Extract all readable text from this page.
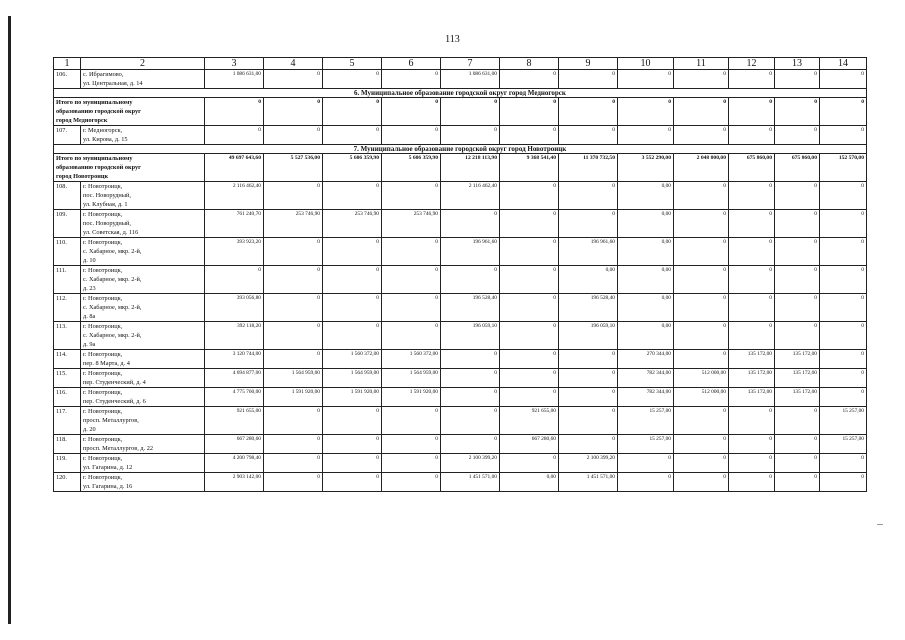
113
1	2	3	4	5	6	7	8	9	10	11	12	13	14
106.	с. Ибрагимово,
ул. Центральная, д. 14	1 086 631,00	0	0	0	1 086 631,00	0	0	0	0	0	0	0
6. Муниципальное образование городской округ город Медногорск													

Итого по муниципальному
образованию городской округ
город Медногорск		0	0	0	0	0	0	0	0	0	0	0	0
107.	г. Медногорск,
ул. Кирова, д. 15	0	0	0	0	0	0	0	0	0	0	0	0
7. Муниципальное образование городской округ город Новотроицк													

Итого по муниципальному
образованию городской округ
город Новотроицк		49 697 643,60	5 527 536,00	5 606 359,90	5 606 359,90	12 218 113,90	9 368 541,40	11 370 732,50	3 552 290,00	2 048 000,00	675 860,00	675 860,00	152 570,00
108.	г. Новотроицк,
пос. Новорудный,
ул. Клубная, д. 1	2 116 462,40	0	0	0	2 116 462,40	0	0	0,00	0	0	0	0
109.	г. Новотроицк,
пос. Новорудный,
ул. Советская, д. 116	761 240,70	253 746,90	253 746,90	253 746,90	0	0	0	0,00	0	0	0	0
110.	г. Новотроицк,
с. Хабарное, мкр. 2-й,
д. 10	393 923,20	0	0	0	196 961,60	0	196 961,60	0,00	0	0	0	0
111.	г. Новотроицк,
с. Хабарное, мкр. 2-й,
д. 23	0	0	0	0	0	0	0,00	0,00	0	0	0	0
112.	г. Новотроицк,
с. Хабарное, мкр. 2-й,
д. 8а	393 056,80	0	0	0	196 528,40	0	196 528,40	0,00	0	0	0	0
113.	г. Новотроицк,
с. Хабарное, мкр. 2-й,
д. 9а	392 118,20	0	0	0	196 059,10	0	196 059,10	0,00	0	0	0	0
114.	г. Новотроицк,
пер. 8 Марта, д. 4	3 120 744,00	0	1 560 372,00	1 560 372,00	0	0	0	270 344,00	0	135 172,00	135 172,00	0
115.	г. Новотроицк,
пер. Студенческий, д. 4	4 694 877,00	1 564 959,00	1 564 959,00	1 564 959,00	0	0	0	782 344,00	512 000,00	135 172,00	135 172,00	0
116.	г. Новотроицк,
пер. Студенческий, д. 6	4 775 760,00	1 591 920,00	1 591 920,00	1 591 920,00	0	0	0	782 344,00	512 000,00	135 172,00	135 172,00	0
117.	г. Новотроицк,
просп. Металлургов,
д. 20	921 655,00	0	0	0	0	921 655,00	0	15 257,00	0	0	0	15 257,00
118.	г. Новотроицк,
просп. Металлургов, д. 22	667 280,60	0	0	0	0	667 280,60	0	15 257,00	0	0	0	15 257,00
119.	г. Новотроицк,
ул. Гагарина, д. 12	4 200 798,40	0	0	0	2 100 399,20	0	2 100 399,20	0	0	0	0	0
120.	г. Новотроицк,
ул. Гагарина, д. 16	2 903 142,00	0	0	0	1 451 571,00	0,00	1 451 571,00	0	0	0	0	0
